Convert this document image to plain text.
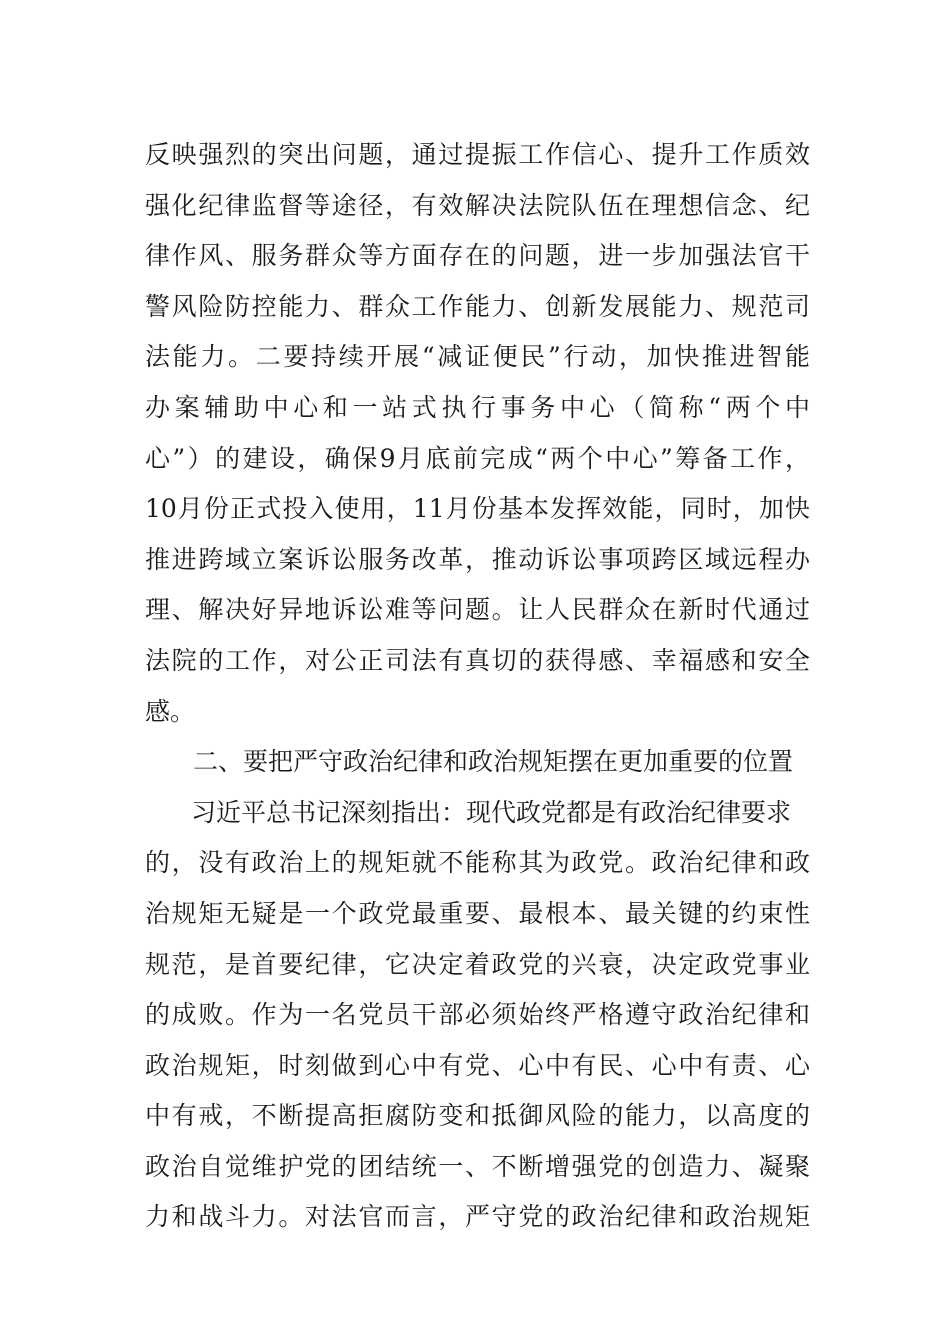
反映强烈的突出问题，通过提振工作信心、提升工作质效
强化纪律监督等途径，有效解决法院队伍在理想信念、纪
律作风、服务群众等方面存在的问题，进一步加强法官干
警风险防控能力、群众工作能力、创新发展能力、规范司
法能力。二要持续开展“减证便民”行动，加快推进智能
办案辅助中心和一站式执行事务中心（简称“两个中
心”）的建设，确保9月底前完成“两个中心”筹备工作，
10月份正式投入使用，11月份基本发挥效能，同时，加快
推进跨域立案诉讼服务改革，推动诉讼事项跨区域远程办
理、解决好异地诉讼难等问题。让人民群众在新时代通过
法院的工作，对公正司法有真切的获得感、幸福感和安全
感。
二、要把严守政治纪律和政治规矩摆在更加重要的位置
习近平总书记深刻指出：现代政党都是有政治纪律要求
的，没有政治上的规矩就不能称其为政党。政治纪律和政
治规矩无疑是一个政党最重要、最根本、最关键的约束性
规范，是首要纪律，它决定着政党的兴衰，决定政党事业
的成败。作为一名党员干部必须始终严格遵守政治纪律和
政治规矩，时刻做到心中有党、心中有民、心中有责、心
中有戒，不断提高拒腐防变和抵御风险的能力，以高度的
政治自觉维护党的团结统一、不断增强党的创造力、凝聚
力和战斗力。对法官而言，严守党的政治纪律和政治规矩
